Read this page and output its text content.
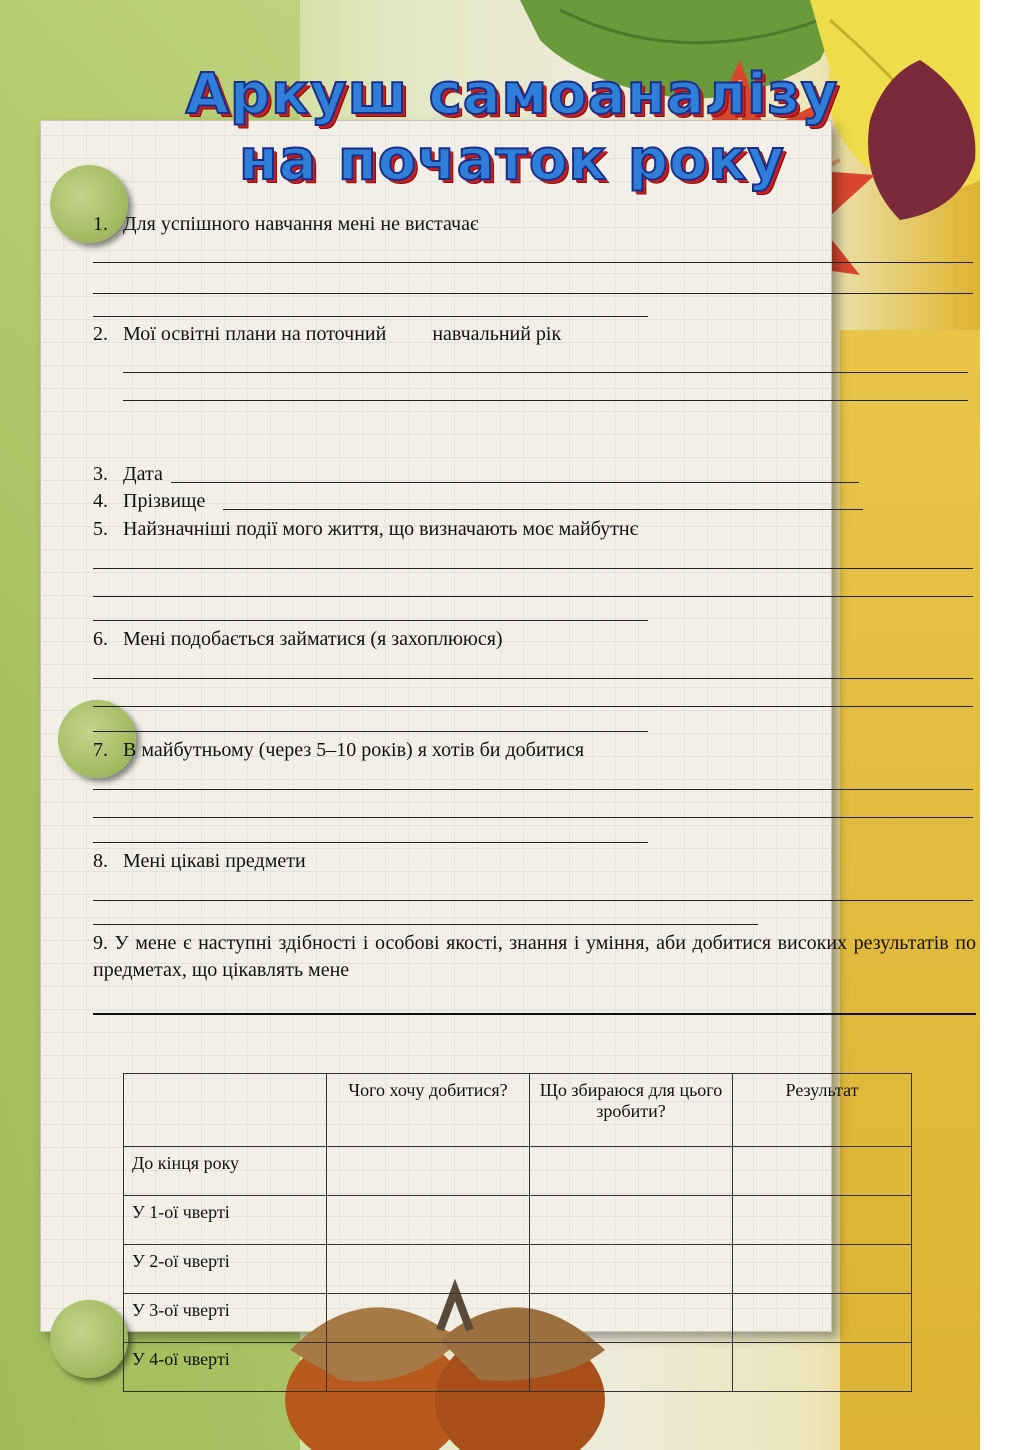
Аркуш самоаналізу
на початок року
1. Для успішного навчання мені не вистачає
2. Мої освітні плани на поточний навчальний рік
3. Дата
4. Прізвище
5. Найзначніші події мого життя, що визначають моє майбутнє
6. Мені подобається займатися (я захоплююся)
7. В майбутньому (через 5–10 років) я хотів би добитися
8. Мені цікаві предмети
9. У мене є наступні здібності і особові якості, знання і уміння, аби добитися високих результатів по предметах, що цікавлять мене
	Чого хочу добитися?	Що збираюся для цього зробити?	Результат
До кінця року			
У 1-ої чверті			
У 2-ої чверті			
У 3-ої чверті			
У 4-ої чверті			
